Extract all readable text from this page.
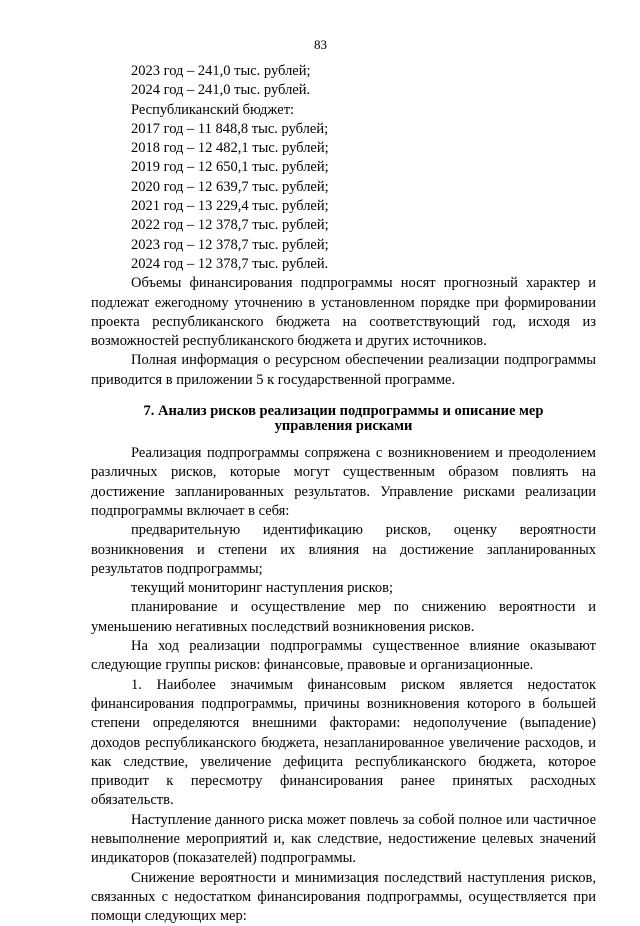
83
2023 год – 241,0 тыс. рублей;
2024 год – 241,0 тыс. рублей.
Республиканский бюджет:
2017 год – 11 848,8 тыс. рублей;
2018 год – 12 482,1 тыс. рублей;
2019 год – 12 650,1 тыс. рублей;
2020 год – 12 639,7 тыс. рублей;
2021 год – 13 229,4 тыс. рублей;
2022 год – 12 378,7 тыс. рублей;
2023 год – 12 378,7 тыс. рублей;
2024 год – 12 378,7 тыс. рублей.

Объемы финансирования подпрограммы носят прогнозный характер и подлежат ежегодному уточнению в установленном порядке при формировании проекта республиканского бюджета на соответствующий год, исходя из возможностей республиканского бюджета и других источников.

Полная информация о ресурсном обеспечении реализации подпрограммы приводится в приложении 5 к государственной программе.

7. Анализ рисков реализации подпрограммы и описание мер
управления рисками

Реализация подпрограммы сопряжена с возникновением и преодолением различных рисков, которые могут существенным образом повлиять на достижение запланированных результатов. Управление рисками реализации подпрограммы включает в себя:

предварительную идентификацию рисков, оценку вероятности возникновения и степени их влияния на достижение запланированных результатов подпрограммы;

текущий мониторинг наступления рисков;

планирование и осуществление мер по снижению вероятности и уменьшению негативных последствий возникновения рисков.

На ход реализации подпрограммы существенное влияние оказывают следующие группы рисков: финансовые, правовые и организационные.

1. Наиболее значимым финансовым риском является недостаток финансирования подпрограммы, причины возникновения которого в большей степени определяются внешними факторами: недополучение (выпадение) доходов республиканского бюджета, незапланированное увеличение расходов, и как следствие, увеличение дефицита республиканского бюджета, которое приводит к пересмотру финансирования ранее принятых расходных обязательств.

Наступление данного риска может повлечь за собой полное или частичное невыполнение мероприятий и, как следствие, недостижение целевых значений индикаторов (показателей) подпрограммы.

Снижение вероятности и минимизация последствий наступления рисков, связанных с недостатком финансирования подпрограммы, осуществляется при помощи следующих мер:
